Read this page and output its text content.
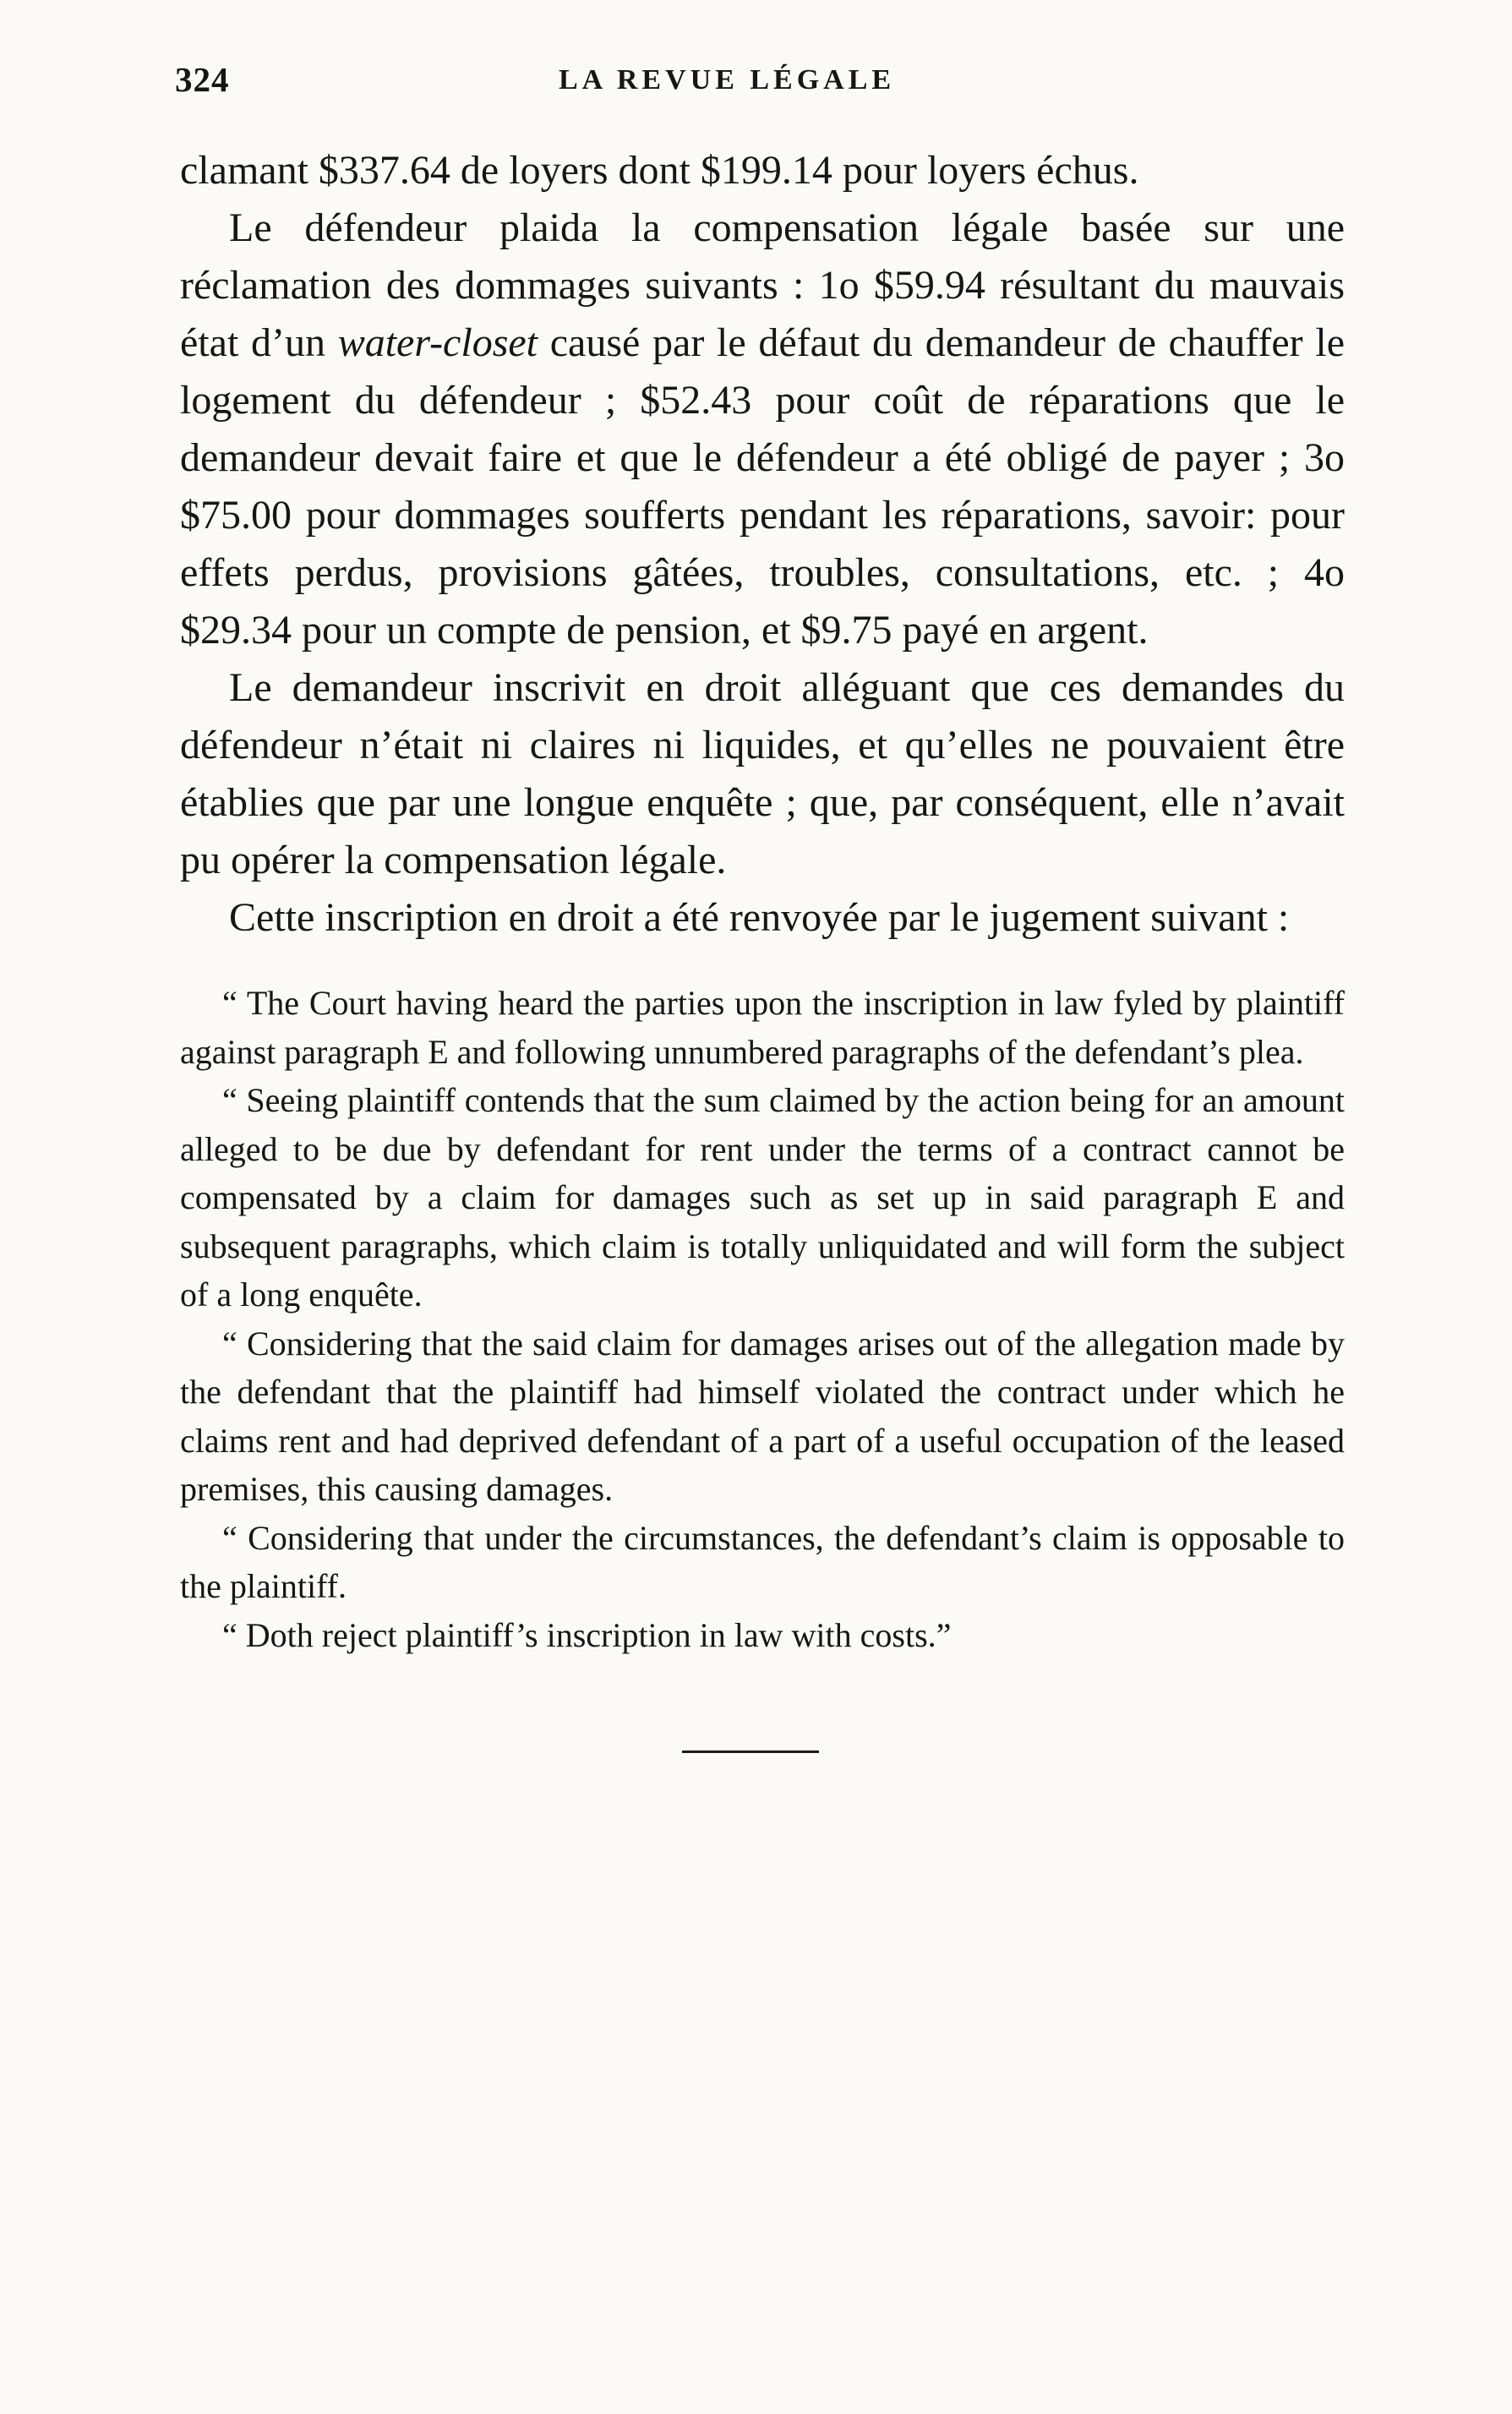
324	LA REVUE LÉGALE

clamant $337.64 de loyers dont $199.14 pour loyers échus.

Le défendeur plaida la compensation légale basée sur une réclamation des dommages suivants : 1o $59.94 résultant du mauvais état d’un water-closet causé par le défaut du demandeur de chauffer le logement du défendeur ; $52.43 pour coût de réparations que le demandeur devait faire et que le défendeur a été obligé de payer ; 3o $75.00 pour dommages soufferts pendant les réparations, savoir: pour effets perdus, provisions gâtées, troubles, consultations, etc. ; 4o $29.34 pour un compte de pension, et $9.75 payé en argent.

Le demandeur inscrivit en droit alléguant que ces demandes du défendeur n’était ni claires ni liquides, et qu’elles ne pouvaient être établies que par une longue enquête ; que, par conséquent, elle n’avait pu opérer la compensation légale.

Cette inscription en droit a été renvoyée par le jugement suivant :

“ The Court having heard the parties upon the inscription in law fyled by plaintiff against paragraph E and following unnumbered paragraphs of the defendant’s plea.

“ Seeing plaintiff contends that the sum claimed by the action being for an amount alleged to be due by defendant for rent under the terms of a contract cannot be compensated by a claim for damages such as set up in said paragraph E and subsequent paragraphs, which claim is totally unliquidated and will form the subject of a long enquête.

“ Considering that the said claim for damages arises out of the allegation made by the defendant that the plaintiff had himself violated the contract under which he claims rent and had deprived defendant of a part of a useful occupation of the leased premises, this causing damages.

“ Considering that under the circumstances, the defendant’s claim is opposable to the plaintiff.

“ Doth reject plaintiff’s inscription in law with costs.”
